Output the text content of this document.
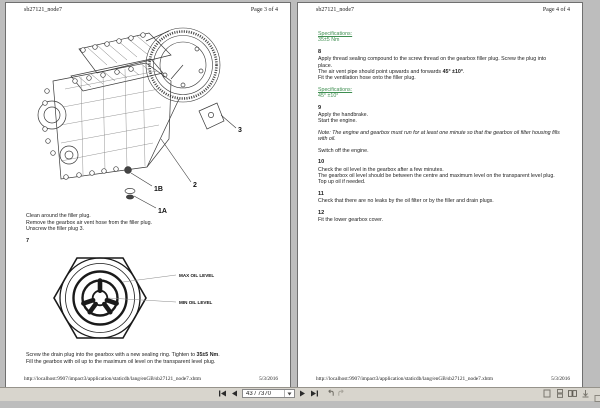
sb27121_node7	Page 3 of 4
3
2
1B
1A
Clean around the filler plug.
Remove the gearbox air vent hose from the filler plug.
Unscrew the filler plug 3.
7
MAX OIL LEVEL
MIN OIL LEVEL
Screw the drain plug into the gearbox with a new sealing ring. Tighten to 35±5 Nm.
Fill the gearbox with oil up to the maximum oil level on the transparent level plug.
http://localhost:9907/impact3/application/staticdb/lang/enGB/sb27121_node7.xhtm	5/3/2016
sb27121_node7	Page 4 of 4
Specifications:
35±5 Nm
8
Apply thread sealing compound to the screw thread on the gearbox filler plug. Screw the plug into place.
The air vent pipe should point upwards and forwards 45° ±10°.
Fit the ventilation hose onto the filler plug.
Specifications:
45° ±10°
9
Apply the handbrake.
Start the engine.
Note: The engine and gearbox must run for at least one minute so that the gearbox oil filter housing fills with oil.
Switch off the engine.
10
Check the oil level in the gearbox after a few minutes.
The gearbox oil level should be between the centre and maximum level on the transparent level plug.
Top up oil if needed.
11
Check that there are no leaks by the oil filter or by the filler and drain plugs.
12
Fit the lower gearbox cover.
http://localhost:9907/impact3/application/staticdb/lang/enGB/sb27121_node7.xhtm	5/3/2016
43 / 7370
